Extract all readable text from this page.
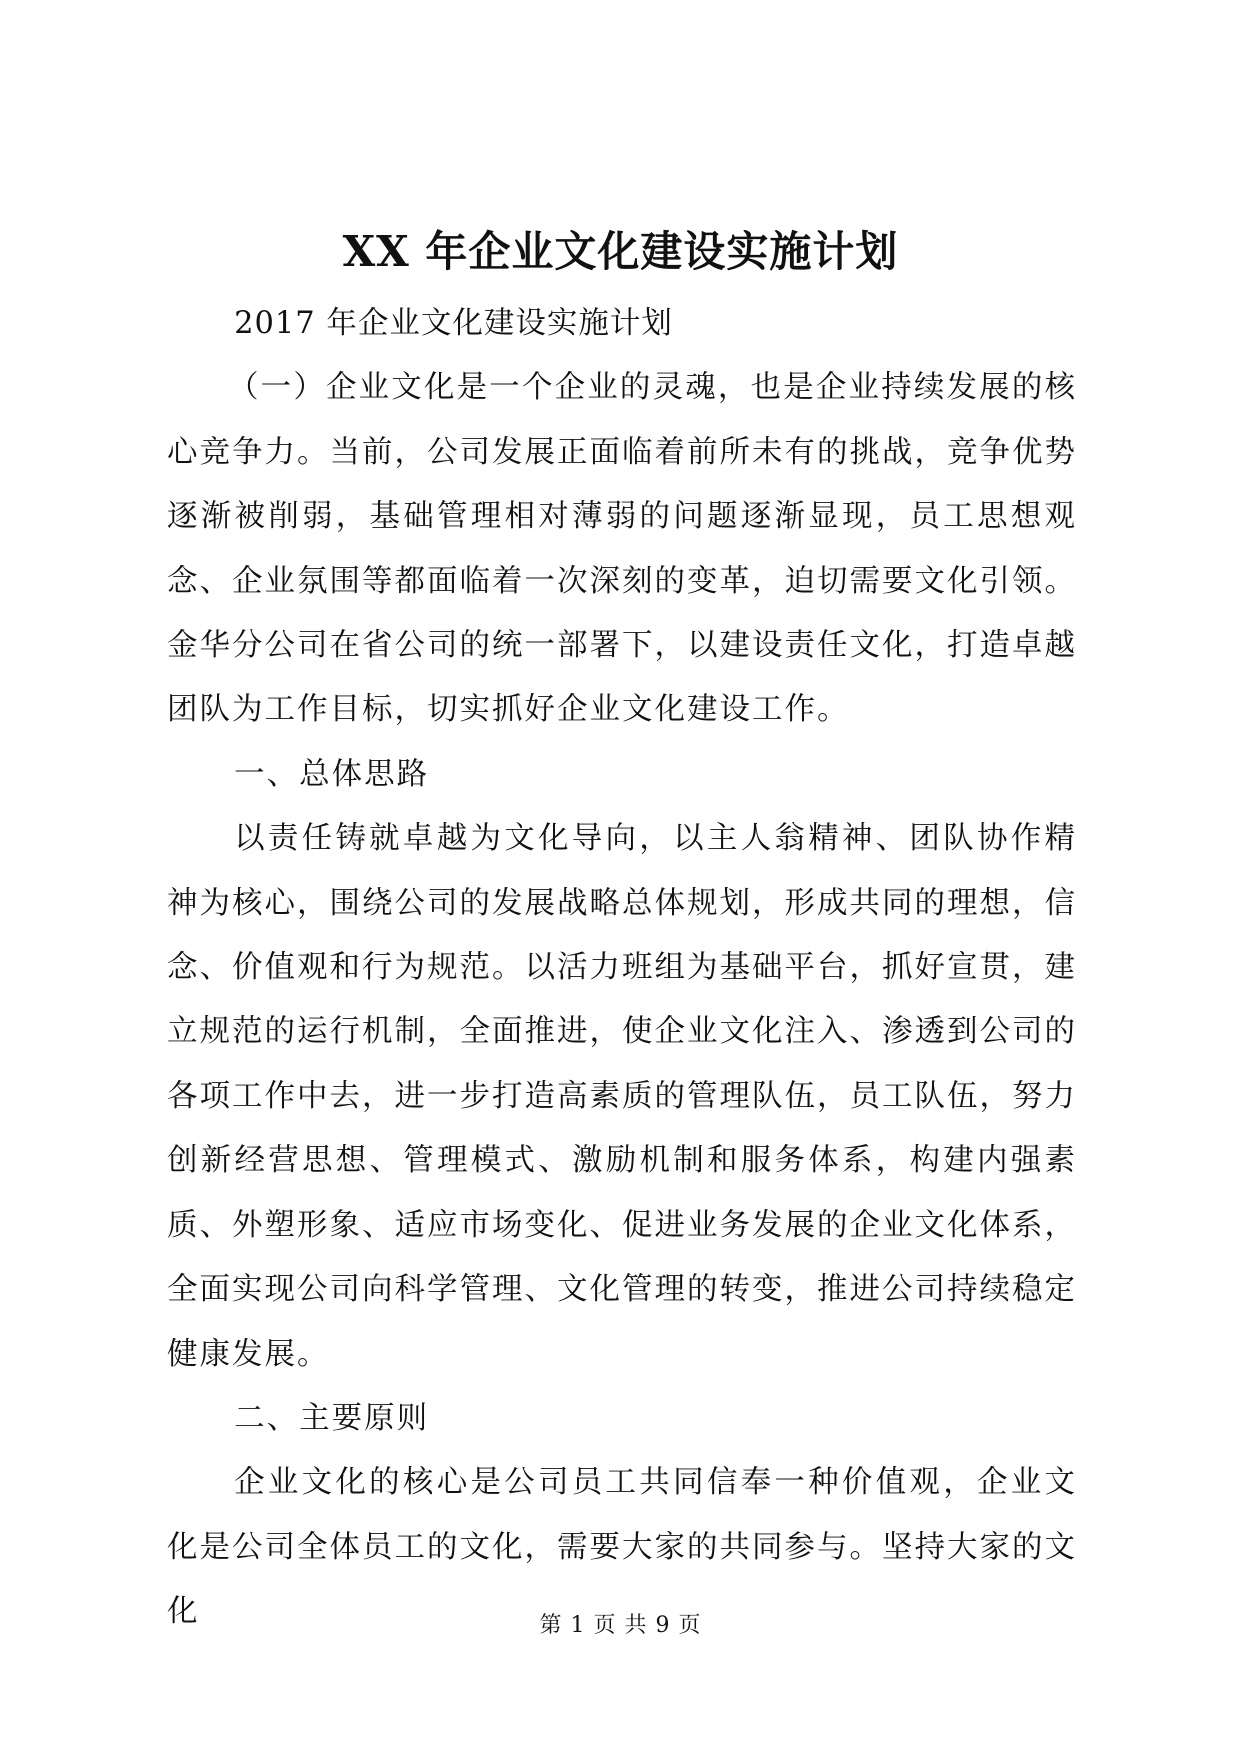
XX 年企业文化建设实施计划

2017 年企业文化建设实施计划

（一）企业文化是一个企业的灵魂，也是企业持续发展的核心竞争力。当前，公司发展正面临着前所未有的挑战，竞争优势逐渐被削弱，基础管理相对薄弱的问题逐渐显现，员工思想观念、企业氛围等都面临着一次深刻的变革，迫切需要文化引领。金华分公司在省公司的统一部署下，以建设责任文化，打造卓越团队为工作目标，切实抓好企业文化建设工作。

一、总体思路

以责任铸就卓越为文化导向，以主人翁精神、团队协作精神为核心，围绕公司的发展战略总体规划，形成共同的理想，信念、价值观和行为规范。以活力班组为基础平台，抓好宣贯，建立规范的运行机制，全面推进，使企业文化注入、渗透到公司的各项工作中去，进一步打造高素质的管理队伍，员工队伍，努力创新经营思想、管理模式、激励机制和服务体系，构建内强素质、外塑形象、适应市场变化、促进业务发展的企业文化体系，全面实现公司向科学管理、文化管理的转变，推进公司持续稳定健康发展。

二、主要原则

企业文化的核心是公司员工共同信奉一种价值观，企业文化是公司全体员工的文化，需要大家的共同参与。坚持大家的文化	第 1 页 共 9 页
